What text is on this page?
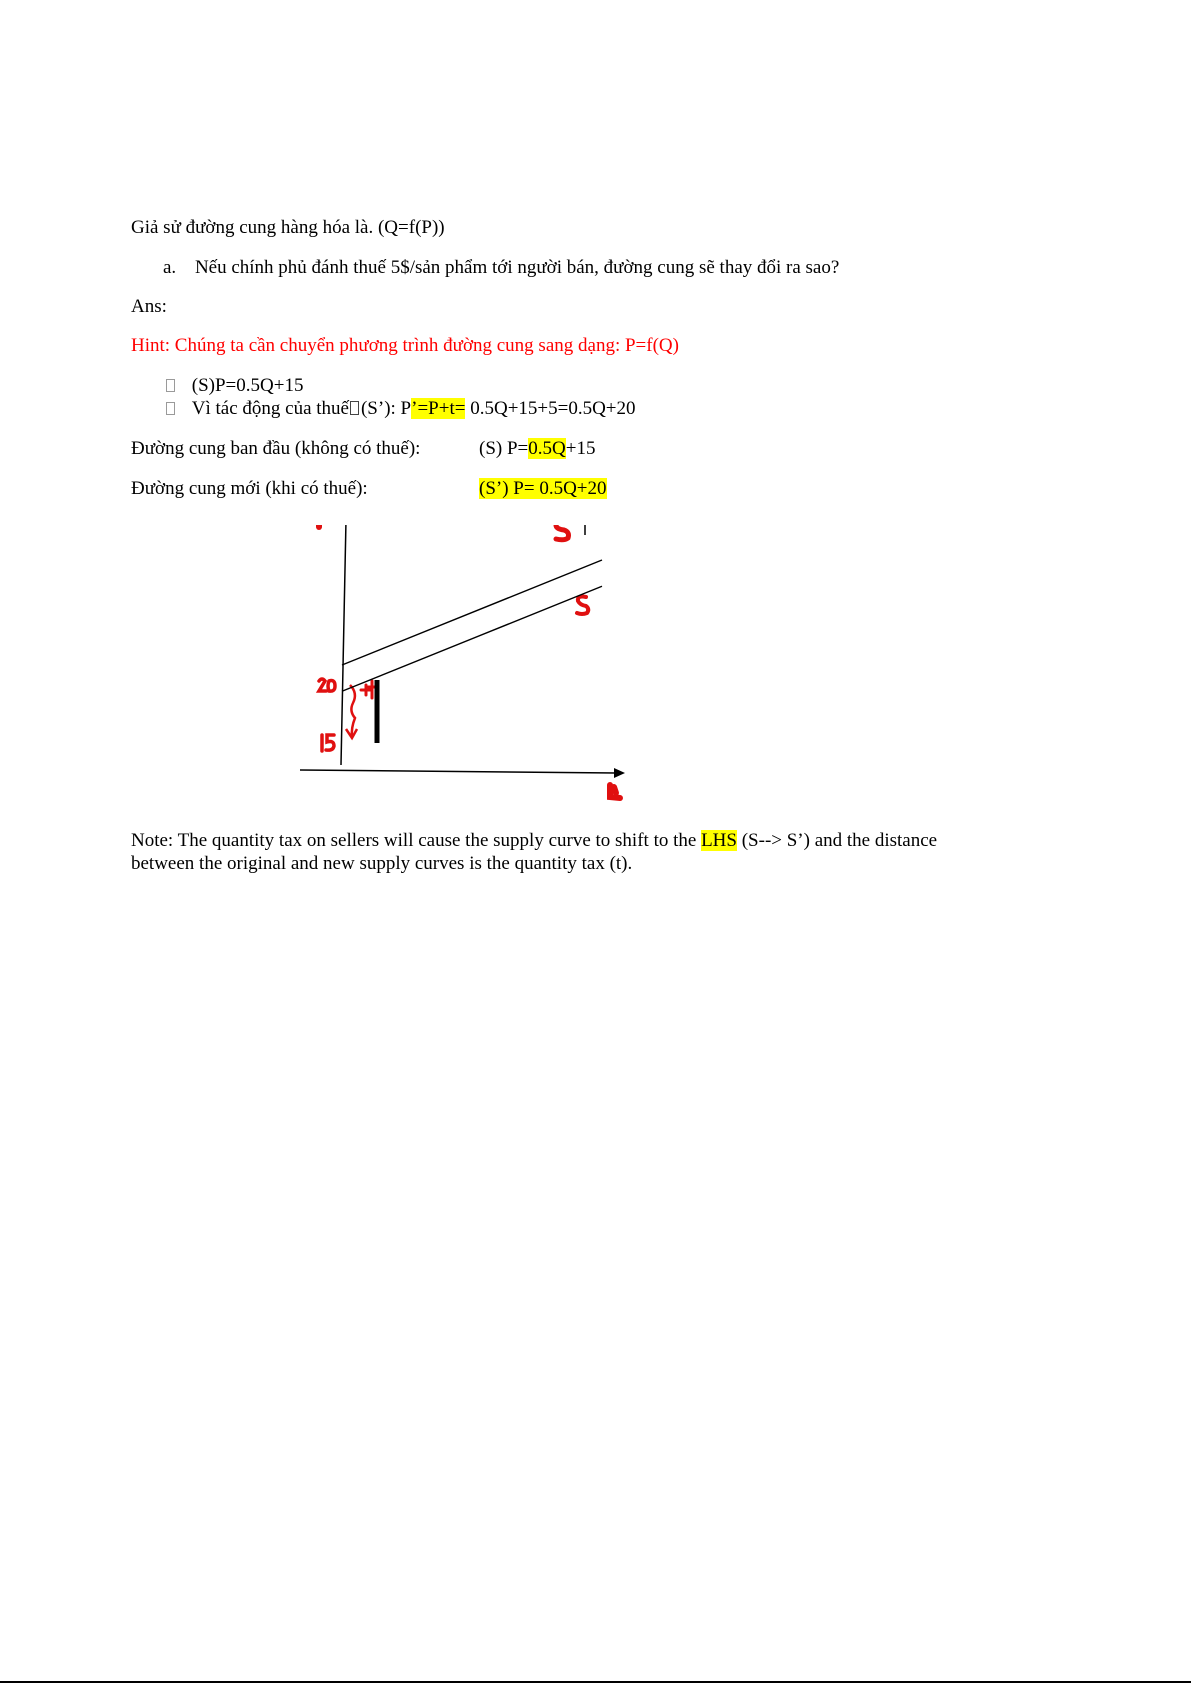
Giả sử đường cung hàng hóa là. (Q=f(P))
a. Nếu chính phủ đánh thuế 5$/sản phẩm tới người bán, đường cung sẽ thay đổi ra sao?
Ans:
Hint: Chúng ta cần chuyển phương trình đường cung sang dạng: P=f(Q)
(S)P=0.5Q+15
Vì tác động của thuế (S’): P’=P+t= 0.5Q+15+5=0.5Q+20
Đường cung ban đầu (không có thuế):	(S) P=0.5Q+15
Đường cung mới (khi có thuế):	(S’) P= 0.5Q+20
Note: The quantity tax on sellers will cause the supply curve to shift to the LHS (S--> S’) and the distance
between the original and new supply curves is the quantity tax (t).
